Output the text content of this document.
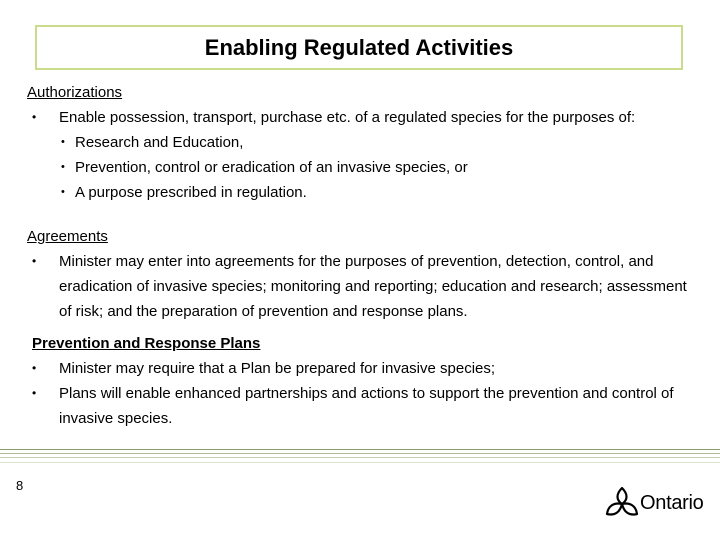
Enabling Regulated Activities
Authorizations
• Enable possession, transport, purchase etc. of a regulated species for the purposes of:
• Research and Education,
• Prevention, control or eradication of an invasive species, or
• A purpose prescribed in regulation.
Agreements
• Minister may enter into agreements for the purposes of prevention, detection, control, and eradication of invasive species; monitoring and reporting; education and research; assessment of risk; and the preparation of prevention and response plans.
Prevention and Response Plans
• Minister may require that a Plan be prepared for invasive species;
• Plans will enable enhanced partnerships and actions to support the prevention and control of invasive species.
8
Ontario
